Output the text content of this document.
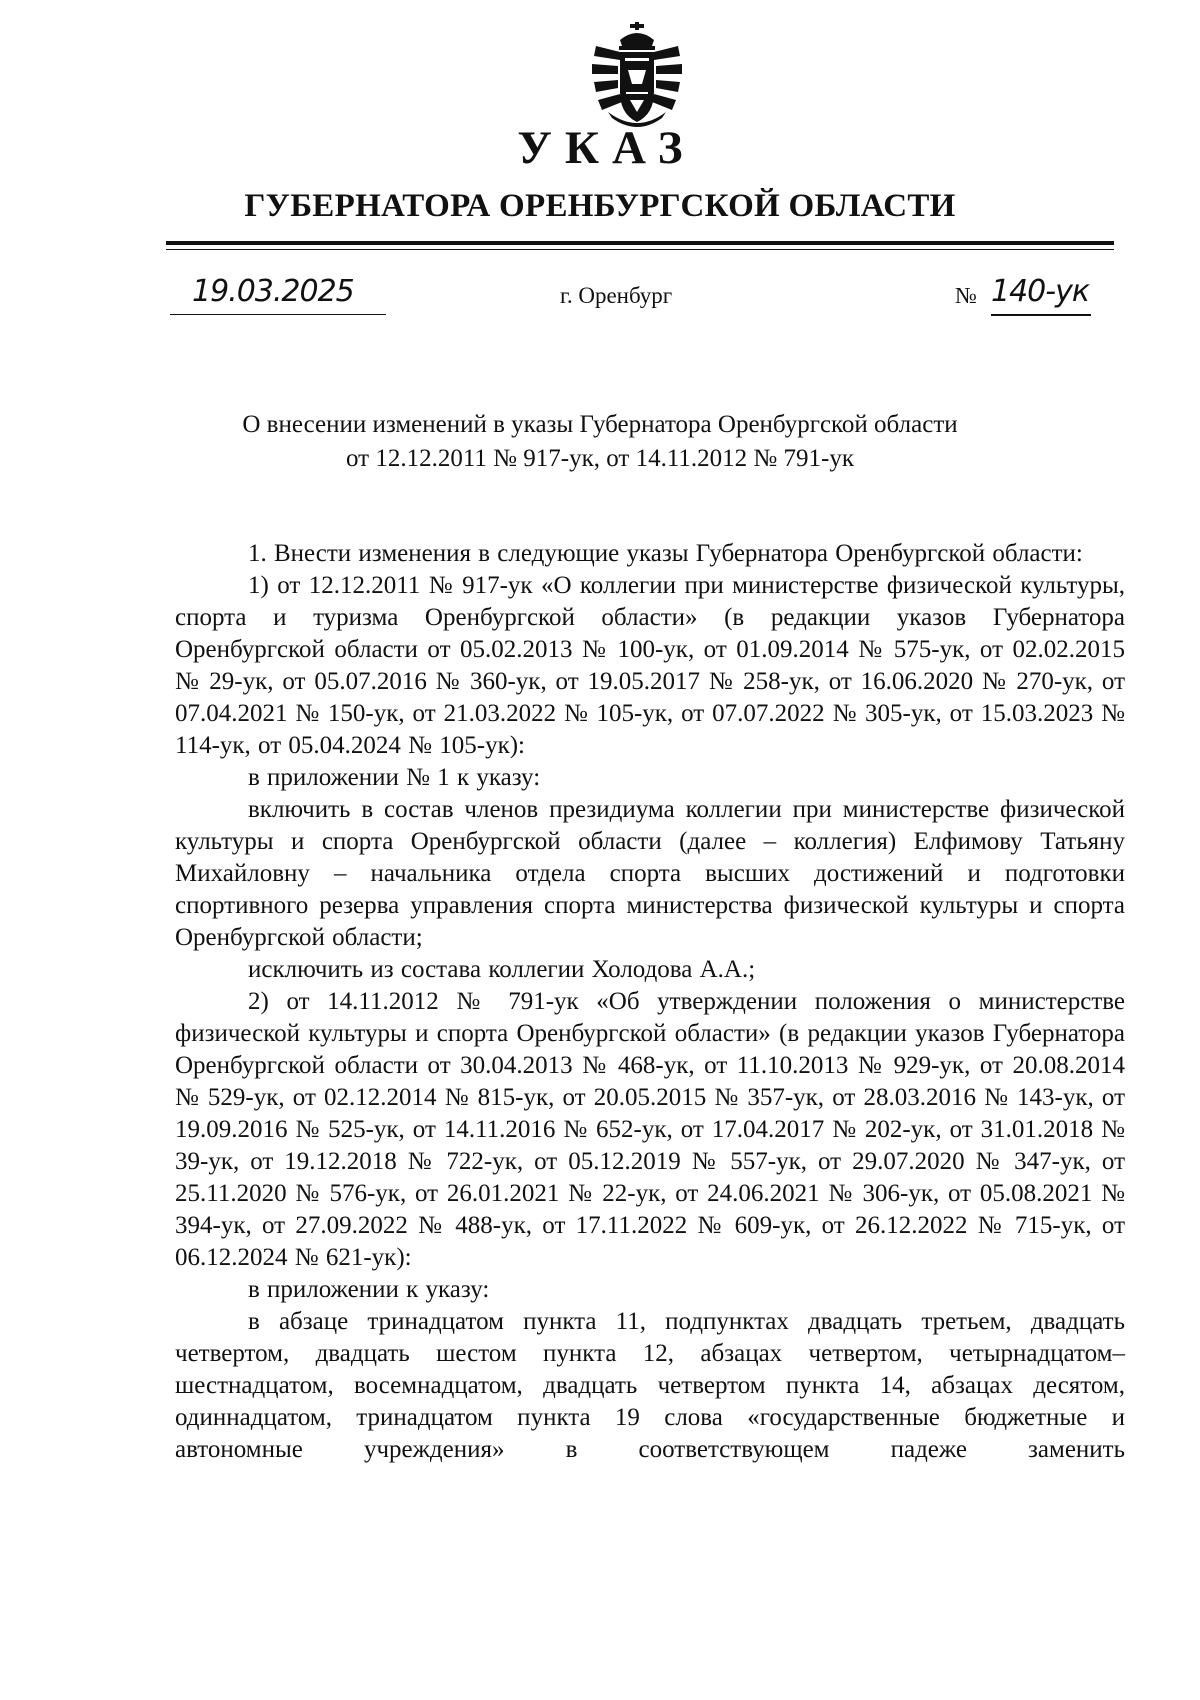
УКАЗ
ГУБЕРНАТОРА ОРЕНБУРГСКОЙ ОБЛАСТИ
19.03.2025	г. Оренбург	№ 140-ук
О внесении изменений в указы Губернатора Оренбургской области
от 12.12.2011 № 917-ук, от 14.11.2012 № 791-ук

1. Внести изменения в следующие указы Губернатора Оренбургской области:

1) от 12.12.2011 № 917-ук «О коллегии при министерстве физической культуры, спорта и туризма Оренбургской области» (в редакции указов Губернатора Оренбургской области от 05.02.2013 № 100-ук, от 01.09.2014 № 575-ук, от 02.02.2015 № 29-ук, от 05.07.2016 № 360-ук, от 19.05.2017 № 258-ук, от 16.06.2020 № 270-ук, от 07.04.2021 № 150-ук, от 21.03.2022 № 105-ук, от 07.07.2022 № 305-ук, от 15.03.2023 № 114-ук, от 05.04.2024 № 105-ук):

в приложении № 1 к указу:

включить в состав членов президиума коллегии при министерстве физической культуры и спорта Оренбургской области (далее – коллегия) Елфимову Татьяну Михайловну – начальника отдела спорта высших достижений и подготовки спортивного резерва управления спорта министерства физической культуры и спорта Оренбургской области;

исключить из состава коллегии Холодова А.А.;

2) от 14.11.2012 № 791-ук «Об утверждении положения о министерстве физической культуры и спорта Оренбургской области» (в редакции указов Губернатора Оренбургской области от 30.04.2013 № 468-ук, от 11.10.2013 № 929-ук, от 20.08.2014 № 529-ук, от 02.12.2014 № 815-ук, от 20.05.2015 № 357-ук, от 28.03.2016 № 143-ук, от 19.09.2016 № 525-ук, от 14.11.2016 № 652-ук, от 17.04.2017 № 202-ук, от 31.01.2018 № 39-ук, от 19.12.2018 № 722-ук, от 05.12.2019 № 557-ук, от 29.07.2020 № 347-ук, от 25.11.2020 № 576-ук, от 26.01.2021 № 22-ук, от 24.06.2021 № 306-ук, от 05.08.2021 № 394-ук, от 27.09.2022 № 488-ук, от 17.11.2022 № 609-ук, от 26.12.2022 № 715-ук, от 06.12.2024 № 621-ук):

в приложении к указу:

в абзаце тринадцатом пункта 11, подпунктах двадцать третьем, двадцать четвертом, двадцать шестом пункта 12, абзацах четвертом, четырнадцатом–шестнадцатом, восемнадцатом, двадцать четвертом пункта 14, абзацах десятом, одиннадцатом, тринадцатом пункта 19 слова «государственные бюджетные и автономные учреждения» в соответствующем падеже заменить
